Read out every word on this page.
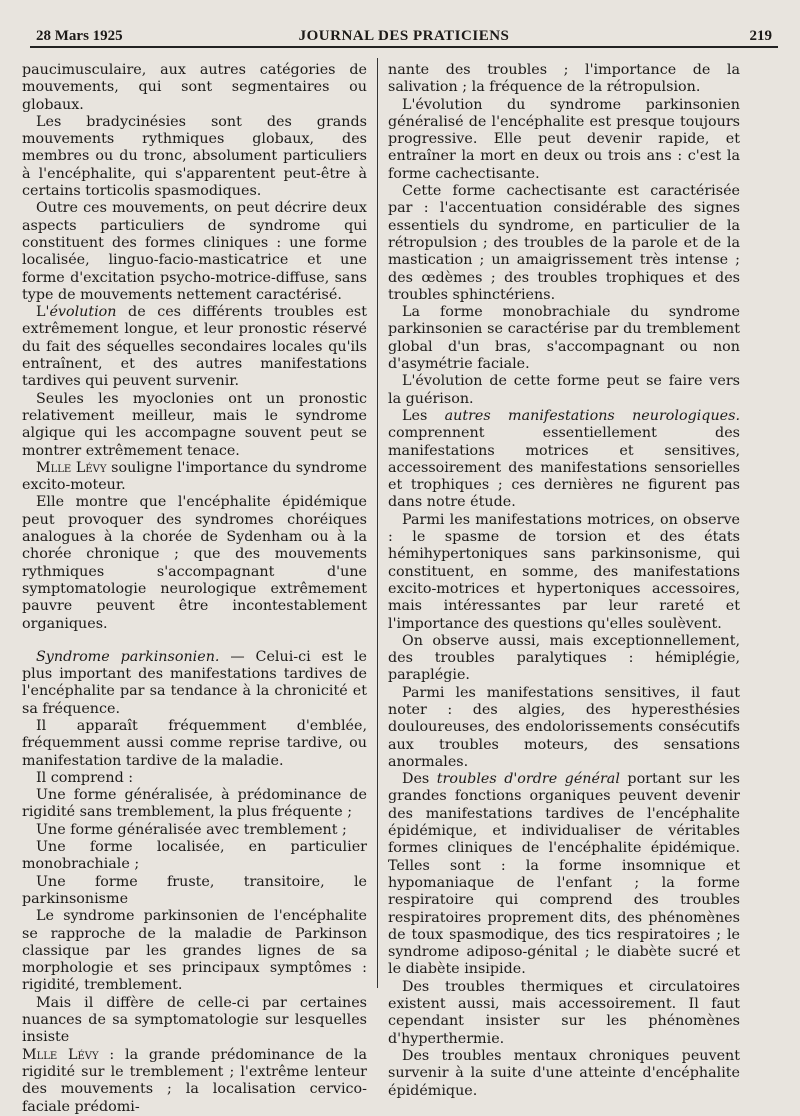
28 Mars 1925	JOURNAL DES PRATICIENS	219

paucimusculaire, aux autres catégories de mouvements, qui sont segmentaires ou globaux.

Les bradycinésies sont des grands mouvements rythmiques globaux, des membres ou du tronc, absolument particuliers à l'encéphalite, qui s'apparentent peut-être à certains torticolis spasmodiques.

Outre ces mouvements, on peut décrire deux aspects particuliers de syndrome qui constituent des formes cliniques : une forme localisée, linguo-facio-masticatrice et une forme d'excitation psycho-motrice-diffuse, sans type de mouvements nettement caractérisé.

L'évolution de ces différents troubles est extrêmement longue, et leur pronostic réservé du fait des séquelles secondaires locales qu'ils entraînent, et des autres manifestations tardives qui peuvent survenir.

Seules les myoclonies ont un pronostic relativement meilleur, mais le syndrome algique qui les accompagne souvent peut se montrer extrêmement tenace.

Mlle Lévy souligne l'importance du syndrome excito-moteur.

Elle montre que l'encéphalite épidémique peut provoquer des syndromes choréiques analogues à la chorée de Sydenham ou à la chorée chronique ; que des mouvements rythmiques s'accompagnant d'une symptomatologie neurologique extrêmement pauvre peuvent être incontestablement organiques.

Syndrome parkinsonien. — Celui-ci est le plus important des manifestations tardives de l'encéphalite par sa tendance à la chronicité et sa fréquence.

Il apparaît fréquemment d'emblée, fréquemment aussi comme reprise tardive, ou manifestation tardive de la maladie.

Il comprend :

Une forme généralisée, à prédominance de rigidité sans tremblement, la plus fréquente ;

Une forme généralisée avec tremblement ;

Une forme localisée, en particulier monobrachiale ;

Une forme fruste, transitoire, le parkinsonisme

Le syndrome parkinsonien de l'encéphalite se rapproche de la maladie de Parkinson classique par les grandes lignes de sa morphologie et ses principaux symptômes : rigidité, tremblement.

Mais il diffère de celle-ci par certaines nuances de sa symptomatologie sur lesquelles insiste

Mlle Lévy : la grande prédominance de la rigidité sur le tremblement ; l'extrême lenteur des mouvements ; la localisation cervico-faciale prédomi-

nante des troubles ; l'importance de la salivation ; la fréquence de la rétropulsion.

L'évolution du syndrome parkinsonien généralisé de l'encéphalite est presque toujours progressive. Elle peut devenir rapide, et entraîner la mort en deux ou trois ans : c'est la forme cachectisante.

Cette forme cachectisante est caractérisée par : l'accentuation considérable des signes essentiels du syndrome, en particulier de la rétropulsion ; des troubles de la parole et de la mastication ; un amaigrissement très intense ; des œdèmes ; des troubles trophiques et des troubles sphinctériens.

La forme monobrachiale du syndrome parkinsonien se caractérise par du tremblement global d'un bras, s'accompagnant ou non d'asymétrie faciale.

L'évolution de cette forme peut se faire vers la guérison.

Les autres manifestations neurologiques. comprennent essentiellement des manifestations motrices et sensitives, accessoirement des manifestations sensorielles et trophiques ; ces dernières ne figurent pas dans notre étude.

Parmi les manifestations motrices, on observe : le spasme de torsion et des états hémihypertoniques sans parkinsonisme, qui constituent, en somme, des manifestations excito-motrices et hypertoniques accessoires, mais intéressantes par leur rareté et l'importance des questions qu'elles soulèvent.

On observe aussi, mais exceptionnellement, des troubles paralytiques : hémiplégie, paraplégie.

Parmi les manifestations sensitives, il faut noter : des algies, des hyperesthésies douloureuses, des endolorissements consécutifs aux troubles moteurs, des sensations anormales.

Des troubles d'ordre général portant sur les grandes fonctions organiques peuvent devenir des manifestations tardives de l'encéphalite épidémique, et individualiser de véritables formes cliniques de l'encéphalite épidémique. Telles sont : la forme insomnique et hypomaniaque de l'enfant ; la forme respiratoire qui comprend des troubles respiratoires proprement dits, des phénomènes de toux spasmodique, des tics respiratoires ; le syndrome adiposo-génital ; le diabète sucré et le diabète insipide.

Des troubles thermiques et circulatoires existent aussi, mais accessoirement. Il faut cependant insister sur les phénomènes d'hyperthermie.

Des troubles mentaux chroniques peuvent survenir à la suite d'une atteinte d'encéphalite épidémique.
